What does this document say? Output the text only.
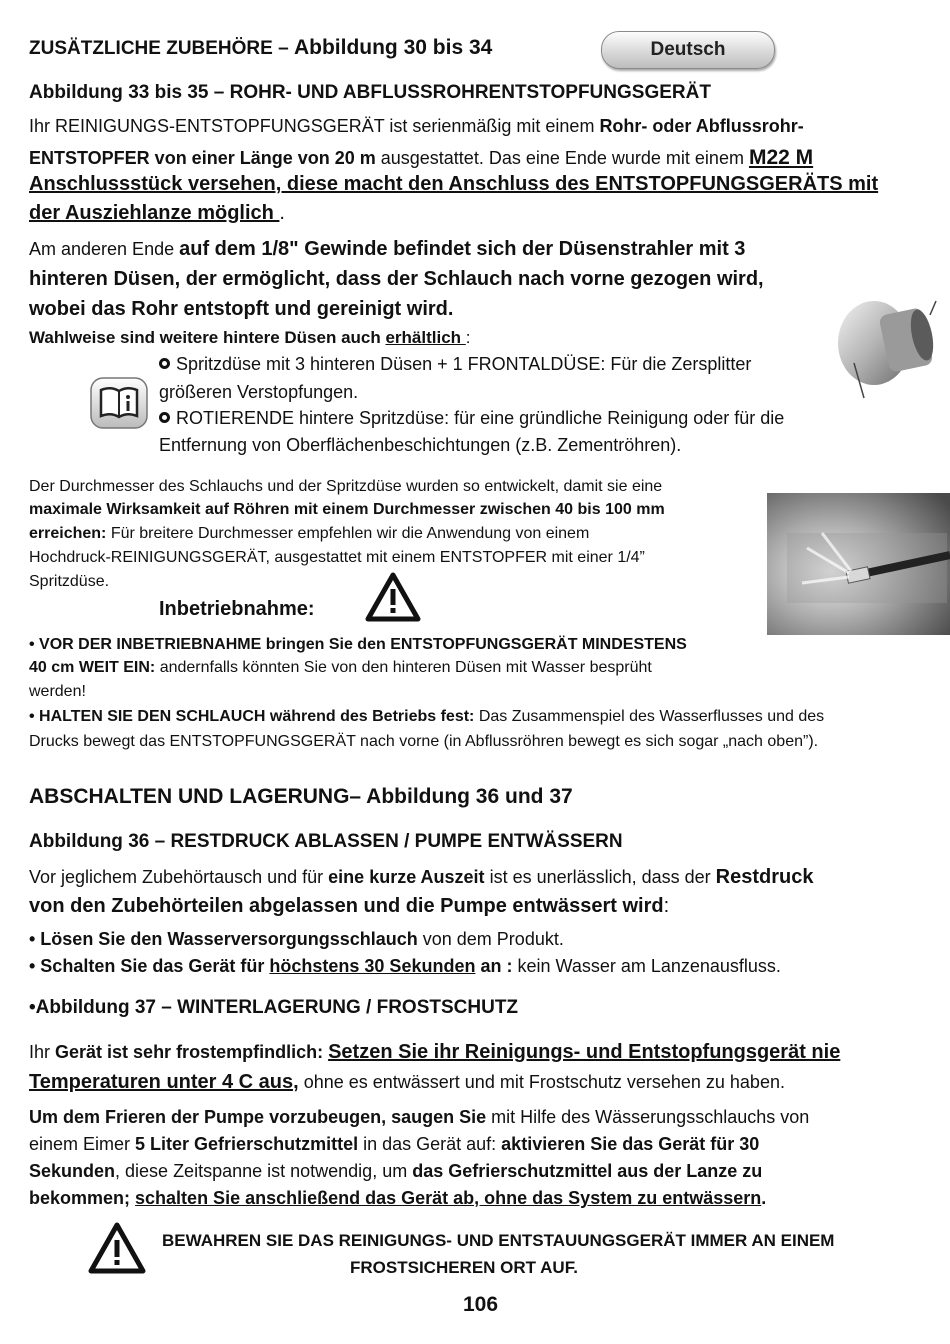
ZUSÄTZLICHE ZUBEHÖRE – Abbildung 30 bis 34	Deutsch
Abbildung 33 bis 35 – ROHR- UND ABFLUSSROHRENTSTOPFUNGSGERÄT
Ihr REINIGUNGS-ENTSTOPFUNGSGERÄT ist serienmäßig mit einem Rohr- oder Abflussrohr-
ENTSTOPFER von einer Länge von 20 m ausgestattet. Das eine Ende wurde mit einem M22 M
Anschlussstück versehen, diese macht den Anschluss des ENTSTOPFUNGSGERÄTS mit
der Ausziehlanze möglich .
Am anderen Ende auf dem 1/8" Gewinde befindet sich der Düsenstrahler mit 3
hinteren Düsen, der ermöglicht, dass der Schlauch nach vorne gezogen wird,
wobei das Rohr entstopft und gereinigt wird.
Wahlweise sind weitere hintere Düsen auch erhältlich :
Spritzdüse mit 3 hinteren Düsen + 1 FRONTALDÜSE: Für die Zersplitter
größeren Verstopfungen.
ROTIERENDE hintere Spritzdüse: für eine gründliche Reinigung oder für die
Entfernung von Oberflächenbeschichtungen (z.B. Zementröhren).
Der Durchmesser des Schlauchs und der Spritzdüse wurden so entwickelt, damit sie eine
maximale Wirksamkeit auf Röhren mit einem Durchmesser zwischen 40 bis 100 mm
erreichen: Für breitere Durchmesser empfehlen wir die Anwendung von einem
Hochdruck-REINIGUNGSGERÄT, ausgestattet mit einem ENTSTOPFER mit einer 1/4”
Spritzdüse.
Inbetriebnahme:
• VOR DER INBETRIEBNAHME bringen Sie den ENTSTOPFUNGSGERÄT MINDESTENS
40 cm WEIT EIN: andernfalls könnten Sie von den hinteren Düsen mit Wasser besprüht
werden!
• HALTEN SIE DEN SCHLAUCH während des Betriebs fest: Das Zusammenspiel des Wasserflusses und des
Drucks bewegt das ENTSTOPFUNGSGERÄT nach vorne (in Abflussröhren bewegt es sich sogar „nach oben”).
ABSCHALTEN UND LAGERUNG– Abbildung 36 und 37
Abbildung 36 – RESTDRUCK ABLASSEN / PUMPE ENTWÄSSERN
Vor jeglichem Zubehörtausch und für eine kurze Auszeit ist es unerlässlich, dass der Restdruck
von den Zubehörteilen abgelassen und die Pumpe entwässert wird:
• Lösen Sie den Wasserversorgungsschlauch von dem Produkt.
• Schalten Sie das Gerät für höchstens 30 Sekunden an : kein Wasser am Lanzenausfluss.
•Abbildung 37 – WINTERLAGERUNG / FROSTSCHUTZ
Ihr Gerät ist sehr frostempfindlich: Setzen Sie ihr Reinigungs- und Entstopfungsgerät nie
Temperaturen unter 4 C aus, ohne es entwässert und mit Frostschutz versehen zu haben.
Um dem Frieren der Pumpe vorzubeugen, saugen Sie mit Hilfe des Wässerungsschlauchs von
einem Eimer 5 Liter Gefrierschutzmittel in das Gerät auf: aktivieren Sie das Gerät für 30
Sekunden, diese Zeitspanne ist notwendig, um das Gefrierschutzmittel aus der Lanze zu
bekommen; schalten Sie anschließend das Gerät ab, ohne das System zu entwässern.
BEWAHREN SIE DAS REINIGUNGS- UND ENTSTAUUNGSGERÄT IMMER AN EINEM
FROSTSICHEREN ORT AUF.
106
